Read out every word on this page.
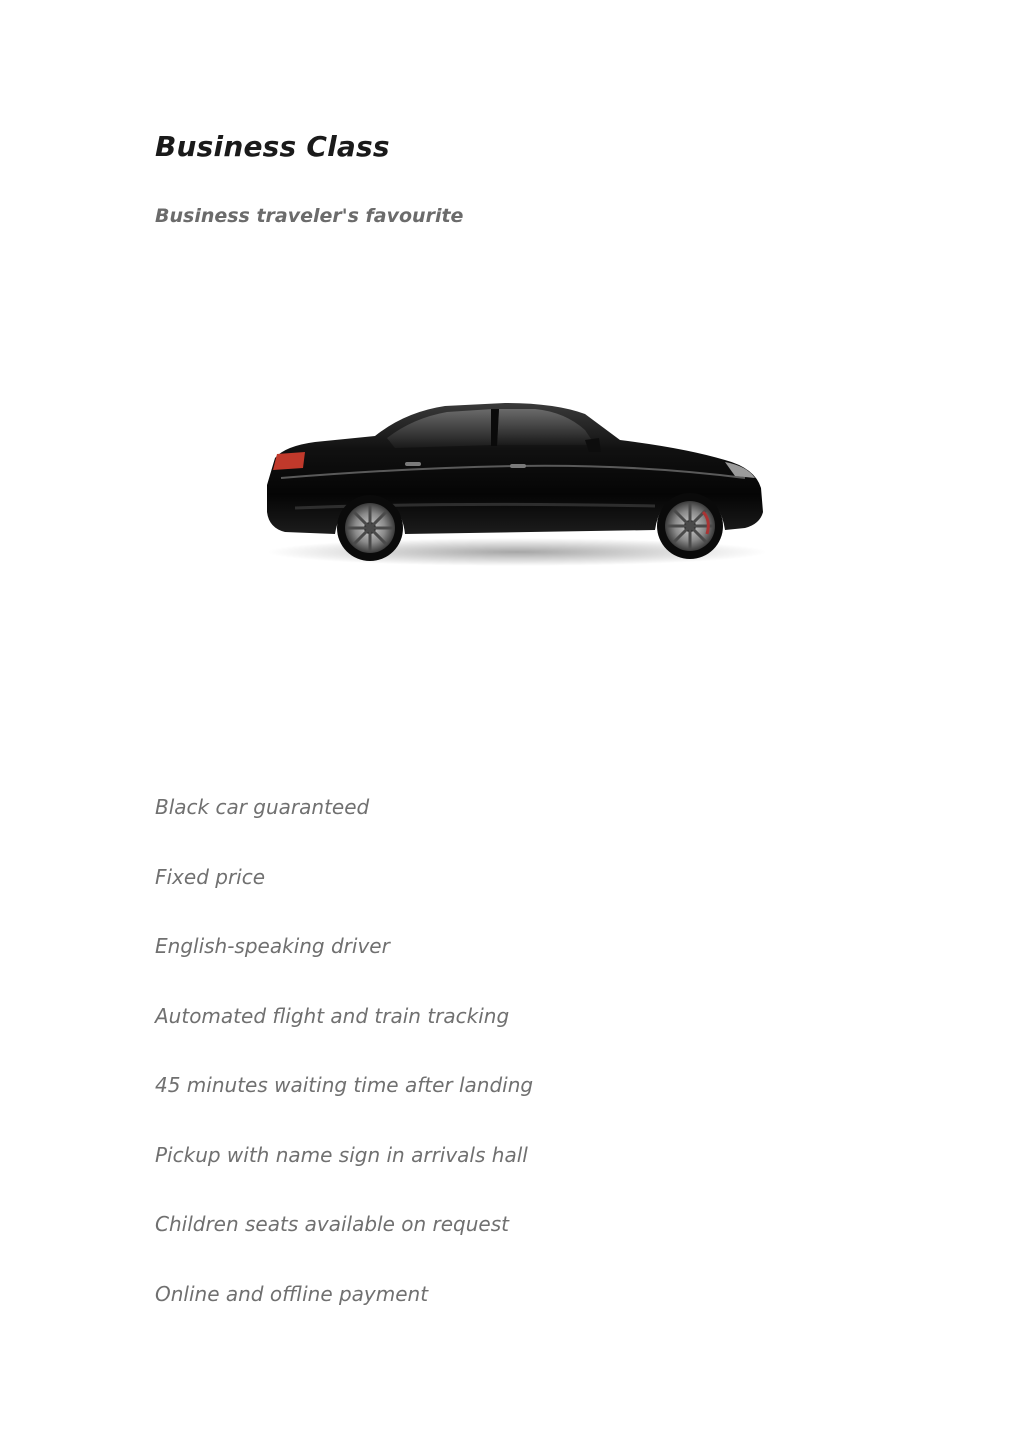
Business Class

Business traveler's favourite

Black car guaranteed
Fixed price
English-speaking driver
Automated flight and train tracking
45 minutes waiting time after landing
Pickup with name sign in arrivals hall
Children seats available on request
Online and offline payment
